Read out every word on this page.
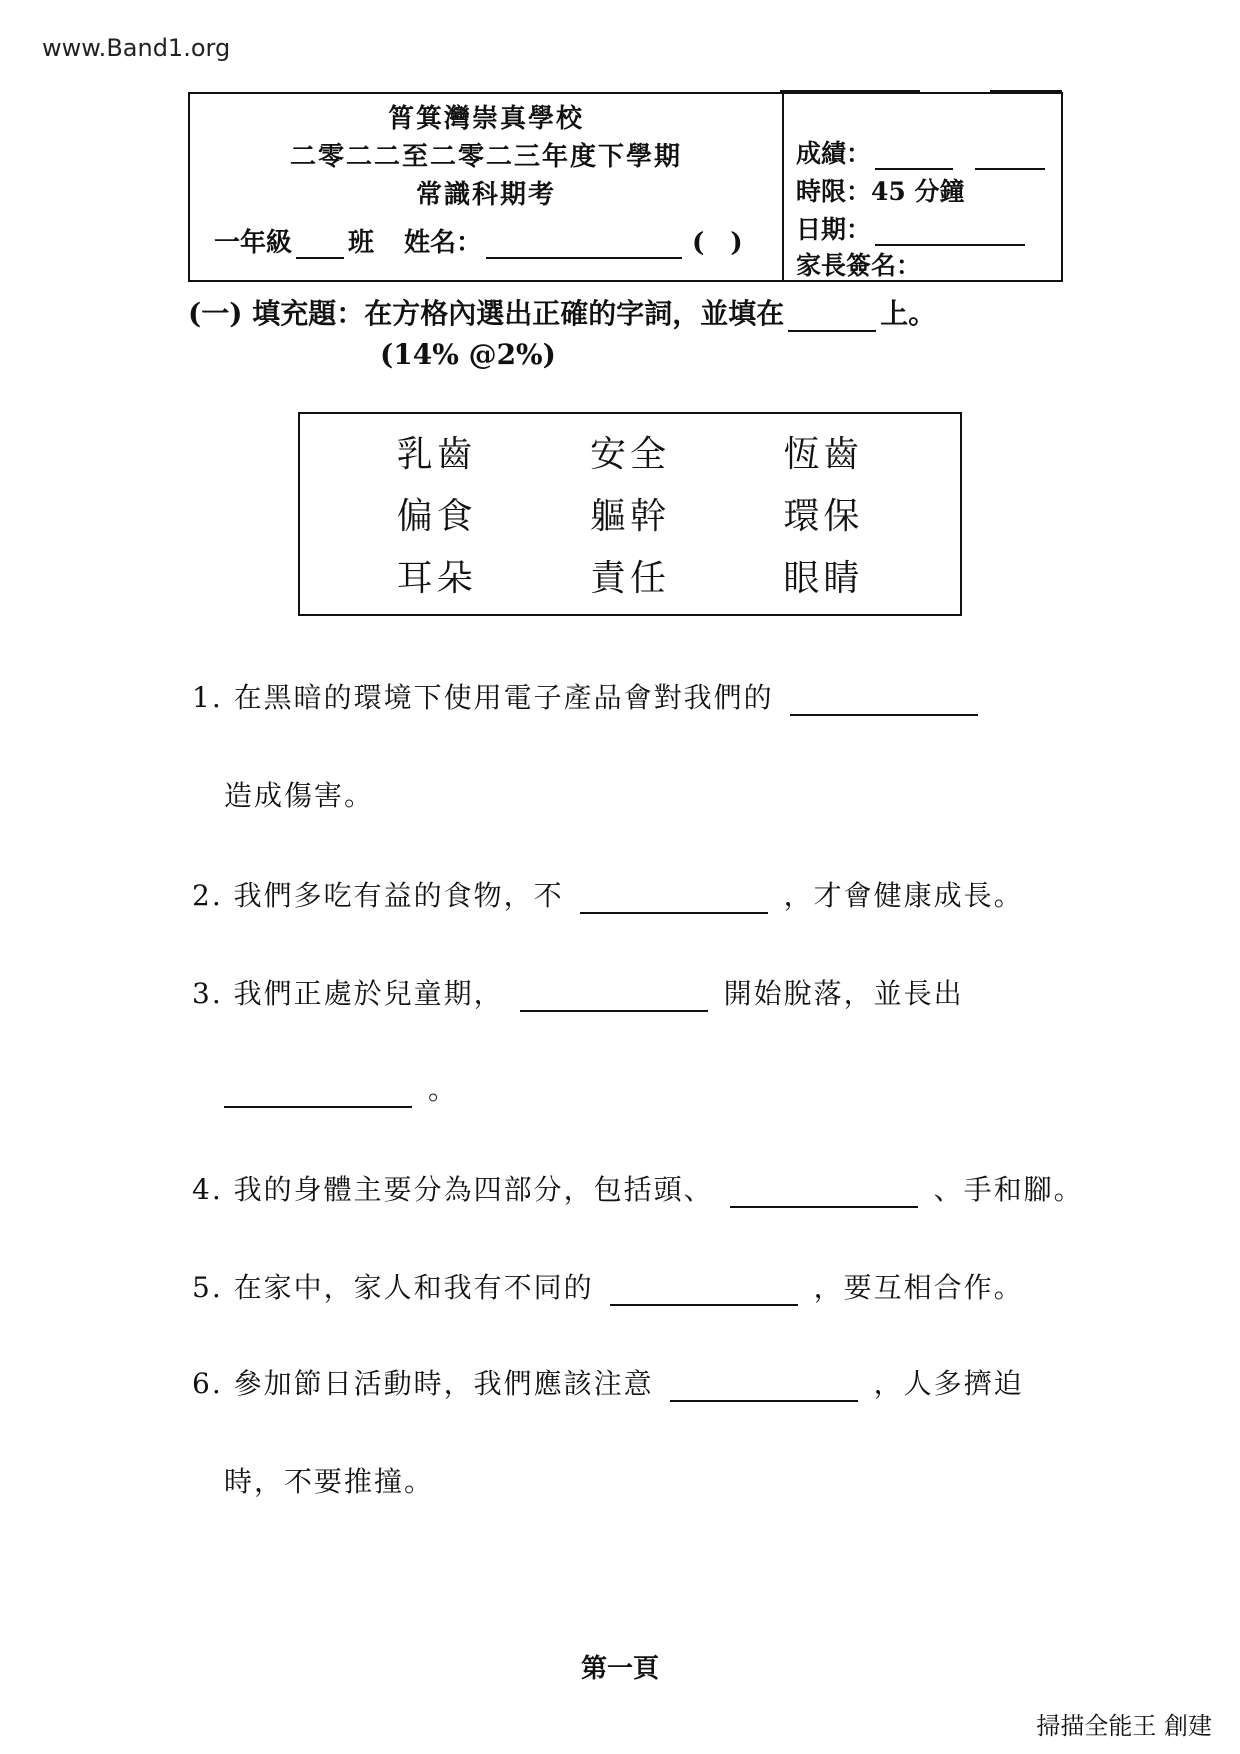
www.Band1.org
筲箕灣崇真學校
二零二二至二零二三年度下學期
常識科期考
一年級 班 姓名：	(　)
成績：
時限：45 分鐘
日期：
家長簽名：
(一) 填充題：在方格內選出正確的字詞，並填在	上。
(14% @2%)
乳齒	安全	恆齒
偏食	軀幹	環保
耳朵	責任	眼睛
1. 在黑暗的環境下使用電子產品會對我們的
造成傷害。
2. 我們多吃有益的食物，不	，才會健康成長。
3. 我們正處於兒童期，	開始脫落，並長出
。
4. 我的身體主要分為四部分，包括頭、	、手和腳。
5. 在家中，家人和我有不同的	，要互相合作。
6. 參加節日活動時，我們應該注意	，人多擠迫
時，不要推撞。
第一頁
掃描全能王 創建
